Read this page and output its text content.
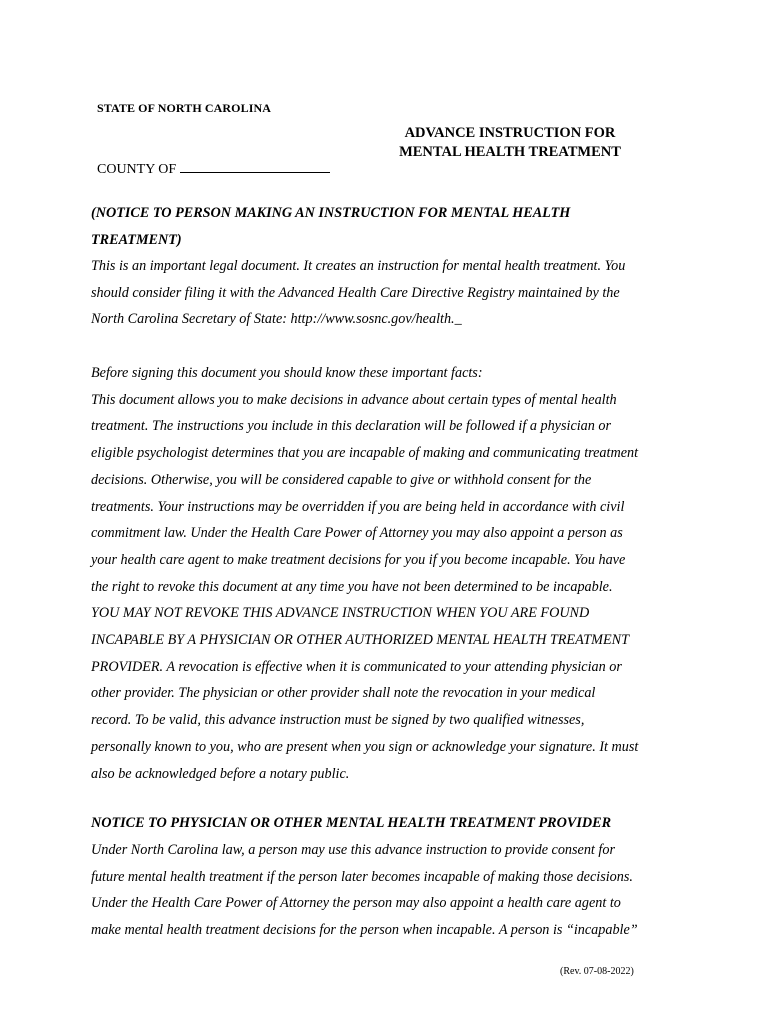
STATE OF NORTH CAROLINA
ADVANCE INSTRUCTION FOR
MENTAL HEALTH TREATMENT
COUNTY OF
(NOTICE TO PERSON MAKING AN INSTRUCTION FOR MENTAL HEALTH
TREATMENT)
This is an important legal document. It creates an instruction for mental health treatment. You
should consider filing it with the Advanced Health Care Directive Registry maintained by the
North Carolina Secretary of State: http://www.sosnc.gov/health._
Before signing this document you should know these important facts:
This document allows you to make decisions in advance about certain types of mental health
treatment. The instructions you include in this declaration will be followed if a physician or
eligible psychologist determines that you are incapable of making and communicating treatment
decisions. Otherwise, you will be considered capable to give or withhold consent for the
treatments. Your instructions may be overridden if you are being held in accordance with civil
commitment law. Under the Health Care Power of Attorney you may also appoint a person as
your health care agent to make treatment decisions for you if you become incapable. You have
the right to revoke this document at any time you have not been determined to be incapable.
YOU MAY NOT REVOKE THIS ADVANCE INSTRUCTION WHEN YOU ARE FOUND
INCAPABLE BY A PHYSICIAN OR OTHER AUTHORIZED MENTAL HEALTH TREATMENT
PROVIDER. A revocation is effective when it is communicated to your attending physician or
other provider. The physician or other provider shall note the revocation in your medical
record. To be valid, this advance instruction must be signed by two qualified witnesses,
personally known to you, who are present when you sign or acknowledge your signature. It must
also be acknowledged before a notary public.
NOTICE TO PHYSICIAN OR OTHER MENTAL HEALTH TREATMENT PROVIDER
Under North Carolina law, a person may use this advance instruction to provide consent for
future mental health treatment if the person later becomes incapable of making those decisions.
Under the Health Care Power of Attorney the person may also appoint a health care agent to
make mental health treatment decisions for the person when incapable. A person is “incapable”
(Rev. 07-08-2022)
